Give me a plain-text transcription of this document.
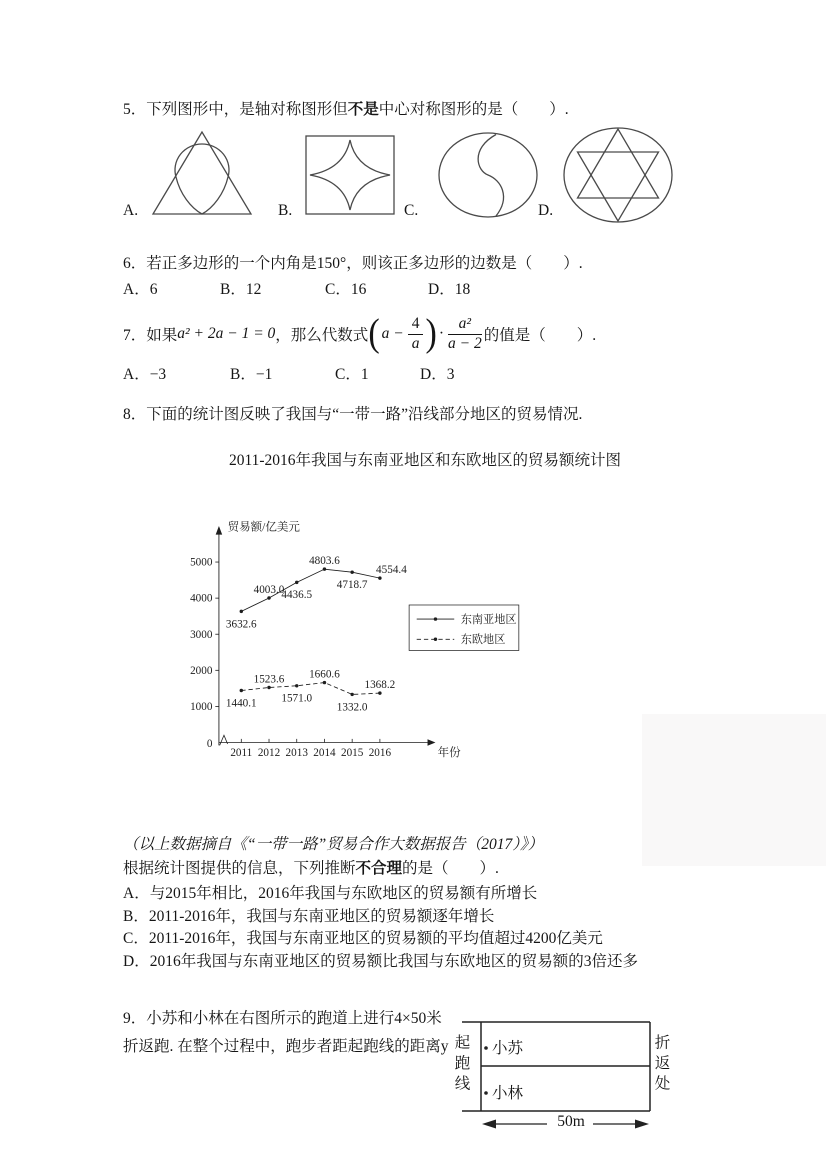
5．下列图形中，是轴对称图形但不是中心对称图形的是（　　）.
A.	B.	C.	D.
6．若正多边形的一个内角是150°，则该正多边形的边数是（　　）.
A．6	B．12	C．16	D．18
7．如果 a² + 2a − 1 = 0 ，那么代数式 ( $a - \frac{4}{a}$ ) · $\frac{\text{a²}}{a - 2}$ 的值是（　　）.
A．−3	B．−1	C．1	D．3
8．下面的统计图反映了我国与“一带一路”沿线部分地区的贸易情况.
2011-2016年我国与东南亚地区和东欧地区的贸易额统计图
贸易额/亿美元
年份
0
1000
2000
3000
4000
5000
2011 2012 2013 2014 2015 2016
3632.6
4003.0
4436.5
4803.6
4718.7
4554.4
1440.1
1523.6
1571.0
1660.6
1332.0
1368.2
东南亚地区
东欧地区
（以上数据摘自《“一带一路”贸易合作大数据报告（2017）》）
根据统计图提供的信息，下列推断不合理的是（　　）.
A．与2015年相比，2016年我国与东欧地区的贸易额有所增长
B．2011-2016年，我国与东南亚地区的贸易额逐年增长
C．2011-2016年，我国与东南亚地区的贸易额的平均值超过4200亿美元
D．2016年我国与东南亚地区的贸易额比我国与东欧地区的贸易额的3倍还多
9．小苏和小林在右图所示的跑道上进行4×50米
折返跑. 在整个过程中，跑步者距起跑线的距离y 起跑线	折返处
小苏
小林
50m
